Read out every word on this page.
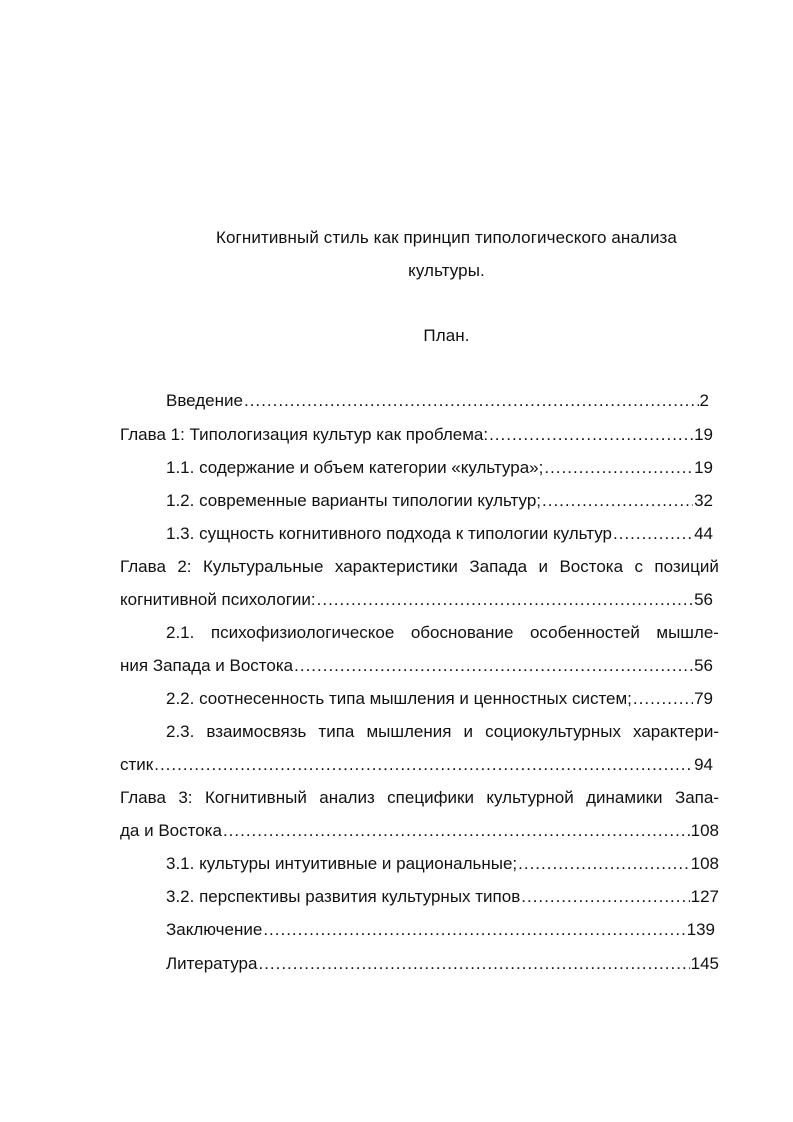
Когнитивный стиль как принцип типологического анализа
культуры.
План.
Введение .....	2
Глава 1: Типологизация культур как проблема: .....	19
1.1. содержание и объем категории «культура»; .....	19
1.2. современные варианты типологии культур; .....	32
1.3. сущность когнитивного подхода к типологии культур .....	44
Глава 2: Культуральные характеристики Запада и Востока с позиций
когнитивной психологии: .....	56
2.1. психофизиологическое обоснование особенностей мышле-
ния Запада и Востока .....	56
2.2. соотнесенность типа мышления и ценностных систем; .....	79
2.3. взаимосвязь типа мышления и социокультурных характери-
стик .....	94
Глава 3: Когнитивный анализ специфики культурной динамики Запа-
да и Востока .....	108
3.1. культуры интуитивные и рациональные; .....	108
3.2. перспективы развития культурных типов .....	127
Заключение .....	139
Литература .....	145
